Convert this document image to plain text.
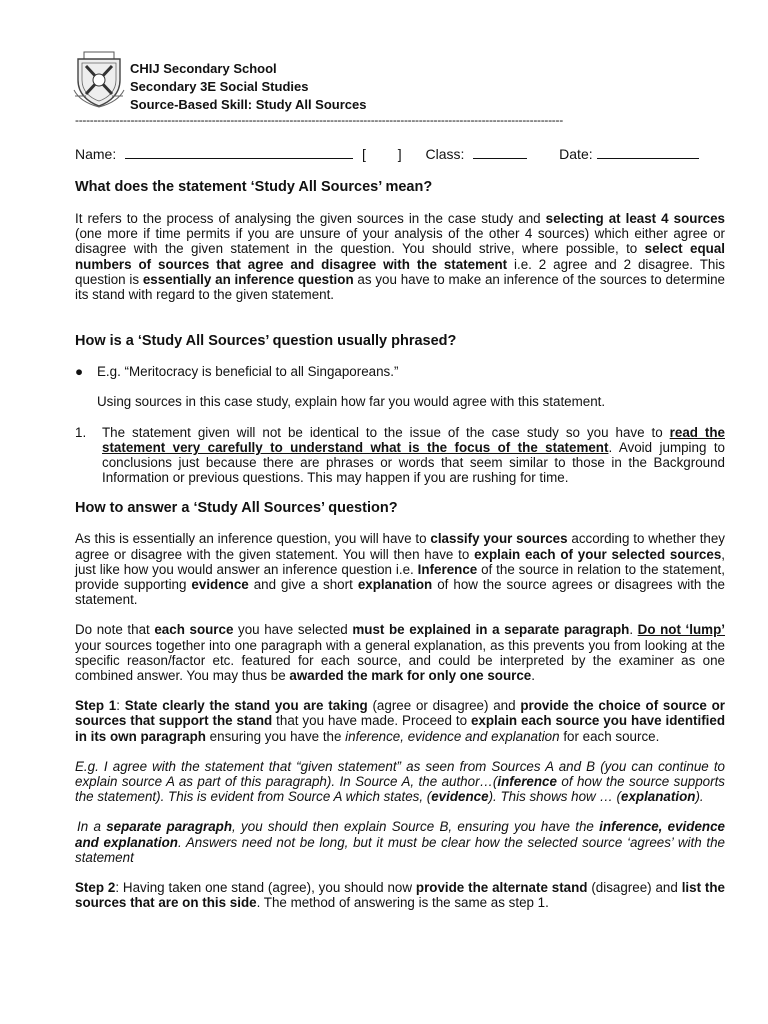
CHIJ Secondary School
Secondary 3E Social Studies
Source-Based Skill: Study All Sources
------------------------------------------------------------------------------------------------------------------------------------
Name:	[ ] Class:	Date:
What does the statement ‘Study All Sources’ mean?

It refers to the process of analysing the given sources in the case study and selecting at least 4 sources (one more if time permits if you are unsure of your analysis of the other 4 sources) which either agree or disagree with the given statement in the question. You should strive, where possible, to select equal numbers of sources that agree and disagree with the statement i.e. 2 agree and 2 disagree. This question is essentially an inference question as you have to make an inference of the sources to determine its stand with regard to the given statement.

How is a ‘Study All Sources’ question usually phrased?
●	E.g. “Meritocracy is beneficial to all Singaporeans.”

Using sources in this case study, explain how far you would agree with this statement.

1.	The statement given will not be identical to the issue of the case study so you have to read the statement very carefully to understand what is the focus of the statement. Avoid jumping to conclusions just because there are phrases or words that seem similar to those in the Background Information or previous questions. This may happen if you are rushing for time.

How to answer a ‘Study All Sources’ question?

As this is essentially an inference question, you will have to classify your sources according to whether they agree or disagree with the given statement. You will then have to explain each of your selected sources, just like how you would answer an inference question i.e. Inference of the source in relation to the statement, provide supporting evidence and give a short explanation of how the source agrees or disagrees with the statement.

Do note that each source you have selected must be explained in a separate paragraph. Do not ‘lump’ your sources together into one paragraph with a general explanation, as this prevents you from looking at the specific reason/factor etc. featured for each source, and could be interpreted by the examiner as one combined answer. You may thus be awarded the mark for only one source.

Step 1: State clearly the stand you are taking (agree or disagree) and provide the choice of source or sources that support the stand that you have made. Proceed to explain each source you have identified in its own paragraph ensuring you have the inference, evidence and explanation for each source.

E.g. I agree with the statement that “given statement” as seen from Sources A and B (you can continue to explain source A as part of this paragraph). In Source A, the author…(inference of how the source supports the statement). This is evident from Source A which states, (evidence). This shows how … (explanation).

In a separate paragraph, you should then explain Source B, ensuring you have the inference, evidence and explanation. Answers need not be long, but it must be clear how the selected source ‘agrees’ with the statement

Step 2: Having taken one stand (agree), you should now provide the alternate stand (disagree) and list the sources that are on this side. The method of answering is the same as step 1.
